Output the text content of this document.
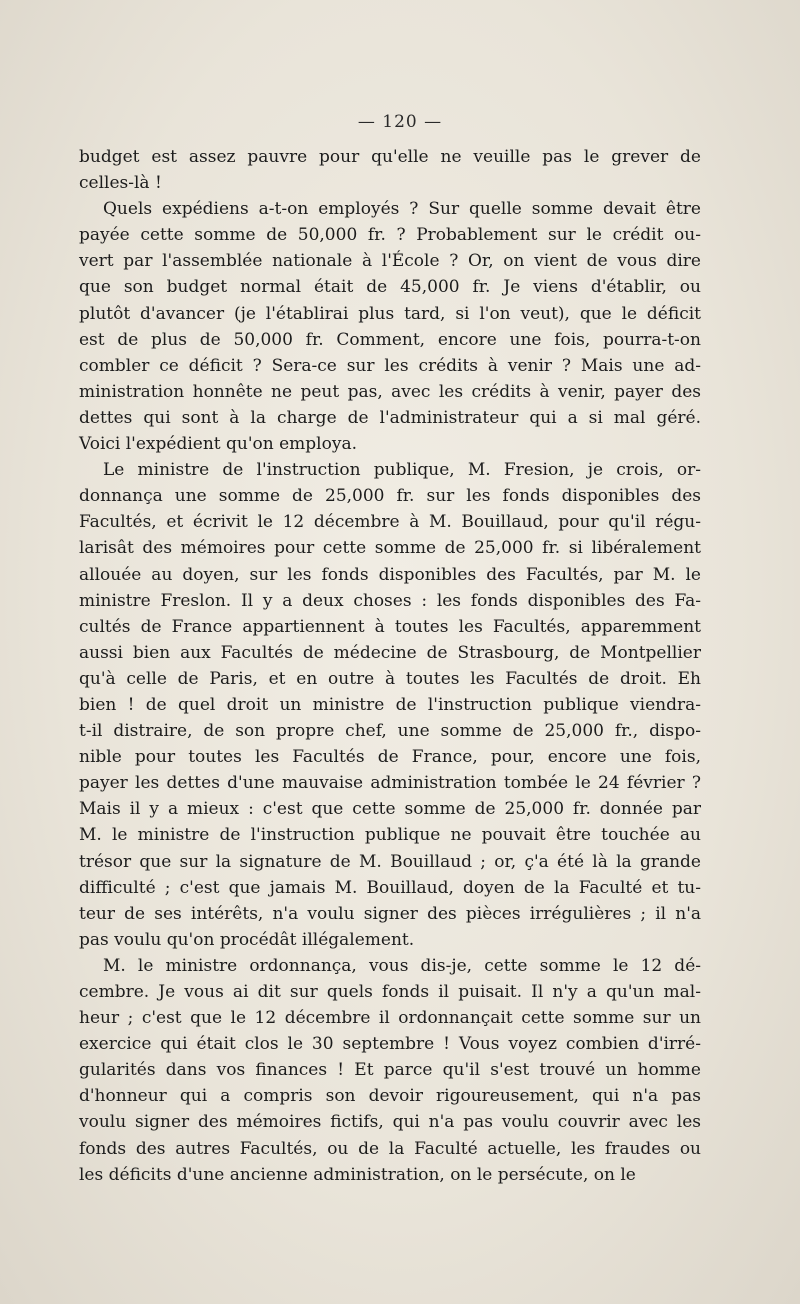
— 120 —
budget est assez pauvre pour qu'elle ne veuille pas le grever de
celles-là !
Quels expédiens a-t-on employés ? Sur quelle somme devait être
payée cette somme de 50,000 fr. ? Probablement sur le crédit ou-
vert par l'assemblée nationale à l'École ? Or, on vient de vous dire
que son budget normal était de 45,000 fr. Je viens d'établir, ou
plutôt d'avancer (je l'établirai plus tard, si l'on veut), que le déficit
est de plus de 50,000 fr. Comment, encore une fois, pourra-t-on
combler ce déficit ? Sera-ce sur les crédits à venir ? Mais une ad-
ministration honnête ne peut pas, avec les crédits à venir, payer des
dettes qui sont à la charge de l'administrateur qui a si mal géré.
Voici l'expédient qu'on employa.
Le ministre de l'instruction publique, M. Fresion, je crois, or-
donnança une somme de 25,000 fr. sur les fonds disponibles des
Facultés, et écrivit le 12 décembre à M. Bouillaud, pour qu'il régu-
larisât des mémoires pour cette somme de 25,000 fr. si libéralement
allouée au doyen, sur les fonds disponibles des Facultés, par M. le
ministre Freslon. Il y a deux choses : les fonds disponibles des Fa-
cultés de France appartiennent à toutes les Facultés, apparemment
aussi bien aux Facultés de médecine de Strasbourg, de Montpellier
qu'à celle de Paris, et en outre à toutes les Facultés de droit. Eh
bien ! de quel droit un ministre de l'instruction publique viendra-
t-il distraire, de son propre chef, une somme de 25,000 fr., dispo-
nible pour toutes les Facultés de France, pour, encore une fois,
payer les dettes d'une mauvaise administration tombée le 24 février ?
Mais il y a mieux : c'est que cette somme de 25,000 fr. donnée par
M. le ministre de l'instruction publique ne pouvait être touchée au
trésor que sur la signature de M. Bouillaud ; or, ç'a été là la grande
difficulté ; c'est que jamais M. Bouillaud, doyen de la Faculté et tu-
teur de ses intérêts, n'a voulu signer des pièces irrégulières ; il n'a
pas voulu qu'on procédât illégalement.
M. le ministre ordonnança, vous dis-je, cette somme le 12 dé-
cembre. Je vous ai dit sur quels fonds il puisait. Il n'y a qu'un mal-
heur ; c'est que le 12 décembre il ordonnançait cette somme sur un
exercice qui était clos le 30 septembre ! Vous voyez combien d'irré-
gularités dans vos finances ! Et parce qu'il s'est trouvé un homme
d'honneur qui a compris son devoir rigoureusement, qui n'a pas
voulu signer des mémoires fictifs, qui n'a pas voulu couvrir avec les
fonds des autres Facultés, ou de la Faculté actuelle, les fraudes ou
les déficits d'une ancienne administration, on le persécute, on le
